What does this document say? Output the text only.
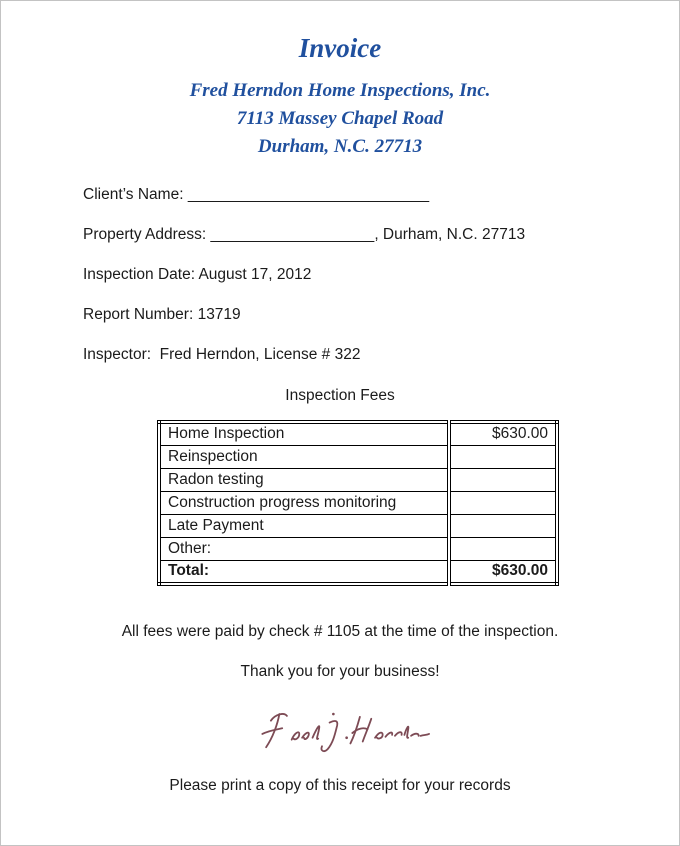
Invoice
Fred Herndon Home Inspections, Inc.
7113 Massey Chapel Road
Durham, N.C. 27713
Client’s Name: ____________________________
Property Address: ___________________, Durham, N.C. 27713
Inspection Date: August 17, 2012
Report Number: 13719
Inspector:  Fred Herndon, License # 322
Inspection Fees
Home Inspection	$630.00
Reinspection	
Radon testing	
Construction progress monitoring	
Late Payment	
Other:	
Total:	$630.00
All fees were paid by check # 1105 at the time of the inspection.
Thank you for your business!
Please print a copy of this receipt for your records
